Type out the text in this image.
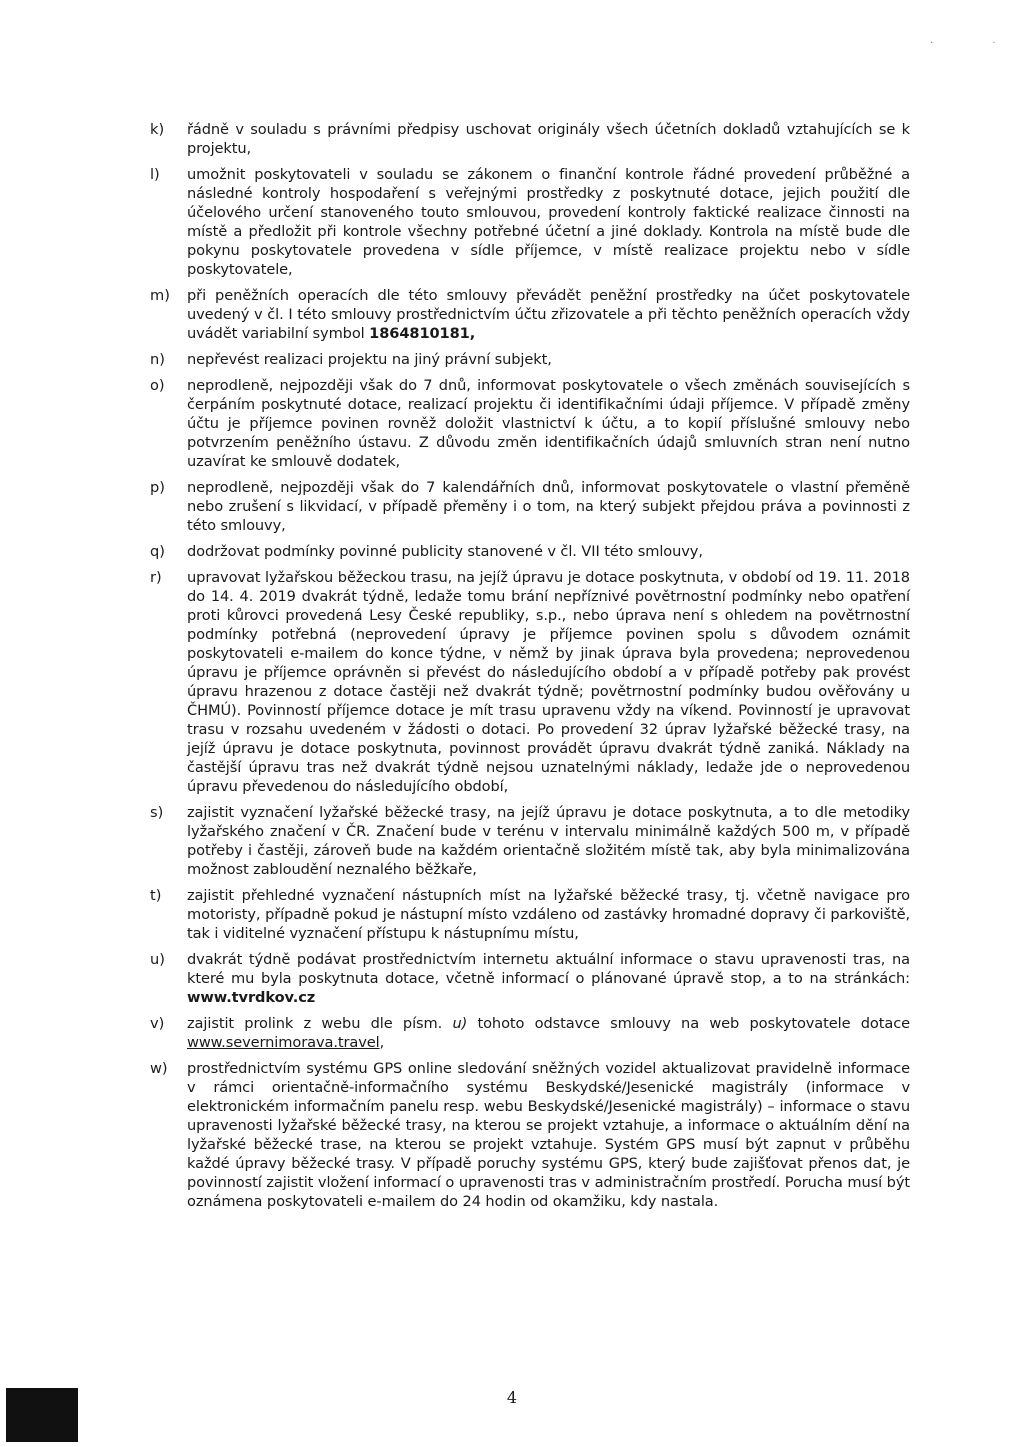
· ·
k)	řádně v souladu s právními předpisy uschovat originály všech účetních dokladů vztahujících se k projektu,
l)	umožnit poskytovateli v souladu se zákonem o finanční kontrole řádné provedení průběžné a následné kontroly hospodaření s veřejnými prostředky z poskytnuté dotace, jejich použití dle účelového určení stanoveného touto smlouvou, provedení kontroly faktické realizace činnosti na místě a předložit při kontrole všechny potřebné účetní a jiné doklady. Kontrola na místě bude dle pokynu poskytovatele provedena v sídle příjemce, v místě realizace projektu nebo v sídle poskytovatele,
m)	při peněžních operacích dle této smlouvy převádět peněžní prostředky na účet poskytovatele uvedený v čl. I této smlouvy prostřednictvím účtu zřizovatele a při těchto peněžních operacích vždy uvádět variabilní symbol 1864810181,
n)	nepřevést realizaci projektu na jiný právní subjekt,
o)	neprodleně, nejpozději však do 7 dnů, informovat poskytovatele o všech změnách souvisejících s čerpáním poskytnuté dotace, realizací projektu či identifikačními údaji příjemce. V případě změny účtu je příjemce povinen rovněž doložit vlastnictví k účtu, a to kopií příslušné smlouvy nebo potvrzením peněžního ústavu. Z důvodu změn identifikačních údajů smluvních stran není nutno uzavírat ke smlouvě dodatek,
p)	neprodleně, nejpozději však do 7 kalendářních dnů, informovat poskytovatele o vlastní přeměně nebo zrušení s likvidací, v případě přeměny i o tom, na který subjekt přejdou práva a povinnosti z této smlouvy,
q)	dodržovat podmínky povinné publicity stanovené v čl. VII této smlouvy,
r)	upravovat lyžařskou běžeckou trasu, na jejíž úpravu je dotace poskytnuta, v období od 19. 11. 2018 do 14. 4. 2019 dvakrát týdně, ledaže tomu brání nepříznivé povětrnostní podmínky nebo opatření proti kůrovci provedená Lesy České republiky, s.p., nebo úprava není s ohledem na povětrnostní podmínky potřebná (neprovedení úpravy je příjemce povinen spolu s důvodem oznámit poskytovateli e-mailem do konce týdne, v němž by jinak úprava byla provedena; neprovedenou úpravu je příjemce oprávněn si převést do následujícího období a v případě potřeby pak provést úpravu hrazenou z dotace častěji než dvakrát týdně; povětrnostní podmínky budou ověřovány u ČHMÚ). Povinností příjemce dotace je mít trasu upravenu vždy na víkend. Povinností je upravovat trasu v rozsahu uvedeném v žádosti o dotaci. Po provedení 32 úprav lyžařské běžecké trasy, na jejíž úpravu je dotace poskytnuta, povinnost provádět úpravu dvakrát týdně zaniká. Náklady na častější úpravu tras než dvakrát týdně nejsou uznatelnými náklady, ledaže jde o neprovedenou úpravu převedenou do následujícího období,
s)	zajistit vyznačení lyžařské běžecké trasy, na jejíž úpravu je dotace poskytnuta, a to dle metodiky lyžařského značení v ČR. Značení bude v terénu v intervalu minimálně každých 500 m, v případě potřeby i častěji, zároveň bude na každém orientačně složitém místě tak, aby byla minimalizována možnost zabloudění neznalého běžkaře,
t)	zajistit přehledné vyznačení nástupních míst na lyžařské běžecké trasy, tj. včetně navigace pro motoristy, případně pokud je nástupní místo vzdáleno od zastávky hromadné dopravy či parkoviště, tak i viditelné vyznačení přístupu k nástupnímu místu,
u)	dvakrát týdně podávat prostřednictvím internetu aktuální informace o stavu upravenosti tras, na které mu byla poskytnuta dotace, včetně informací o plánované úpravě stop, a to na stránkách: www.tvrdkov.cz
v)	zajistit prolink z webu dle písm. u) tohoto odstavce smlouvy na web poskytovatele dotace www.severnimorava.travel,
w)	prostřednictvím systému GPS online sledování sněžných vozidel aktualizovat pravidelně informace v rámci orientačně-informačního systému Beskydské/Jesenické magistrály (informace v elektronickém informačním panelu resp. webu Beskydské/Jesenické magistrály) – informace o stavu upravenosti lyžařské běžecké trasy, na kterou se projekt vztahuje, a informace o aktuálním dění na lyžařské běžecké trase, na kterou se projekt vztahuje. Systém GPS musí být zapnut v průběhu každé úpravy běžecké trasy. V případě poruchy systému GPS, který bude zajišťovat přenos dat, je povinností zajistit vložení informací o upravenosti tras v administračním prostředí. Porucha musí být oznámena poskytovateli e-mailem do 24 hodin od okamžiku, kdy nastala.
4
